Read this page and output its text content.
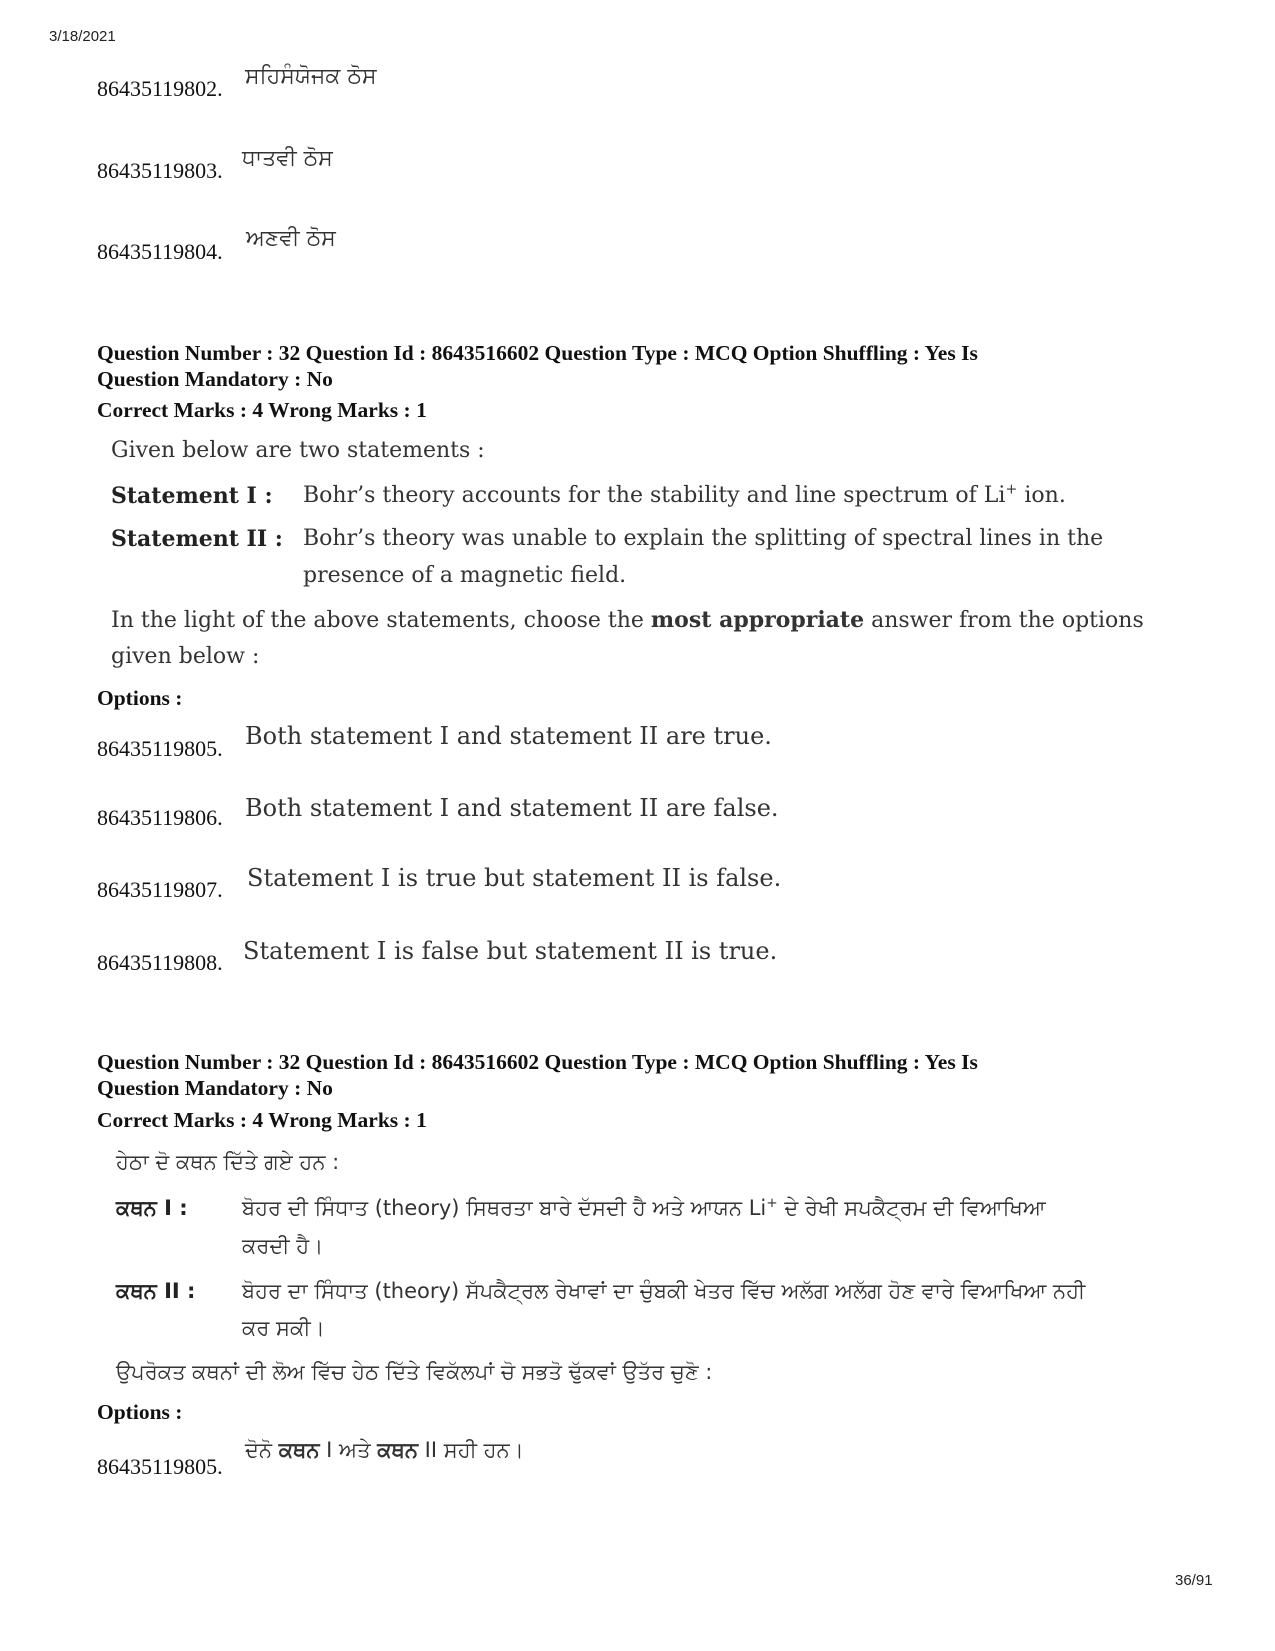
3/18/2021
36/91
86435119802. ਸਹਿਸੰਯੋਜਕ ਠੋਸ
86435119803. ਧਾਤਵੀ ਠੋਸ
86435119804.
ਅਣਵੀ ਠੋਸ
Question Number : 32 Question Id : 8643516602 Question Type : MCQ Option Shuffling : Yes Is
Question Mandatory : No
Correct Marks : 4 Wrong Marks : 1
Given below are two statements :
Statement I : Bohr’s theory accounts for the stability and line spectrum of Li+ ion.
Statement II : Bohr’s theory was unable to explain the splitting of spectral lines in the
presence of a magnetic field.
In the light of the above statements, choose the most appropriate answer from the options
given below :
Options :
86435119805. Both statement I and statement II are true.
86435119806. Both statement I and statement II are false.
86435119807. Statement I is true but statement II is false.
86435119808. Statement I is false but statement II is true.
Question Number : 32 Question Id : 8643516602 Question Type : MCQ Option Shuffling : Yes Is
Question Mandatory : No
Correct Marks : 4 Wrong Marks : 1
ਹੇਠਾ ਦੋ ਕਥਨ ਦਿੱਤੇ ਗਏ ਹਨ :
ਕਥਨ I :	ਬੋਹਰ ਦੀ ਸਿੰਧਾਤ (theory) ਸਿਥਰਤਾ ਬਾਰੇ ਦੱਸਦੀ ਹੈ ਅਤੇ ਆਯਨ Li+ ਦੇ ਰੇਖੀ ਸਪਕੈਟ੍ਰਮ ਦੀ ਵਿਆਖਿਆ
ਕਰਦੀ ਹੈ।
ਕਥਨ II : ਬੋਹਰ ਦਾ ਸਿੰਧਾਤ (theory) ਸੱਪਕੈਟ੍ਰਲ ਰੇਖਾਵਾਂ ਦਾ ਚੁੰਬਕੀ ਖੇਤਰ ਵਿੱਚ ਅਲੱਗ ਅਲੱਗ ਹੋਣ ਵਾਰੇ ਵਿਆਖਿਆ ਨਹੀ
ਕਰ ਸਕੀ।
ਉਪਰੋਕਤ ਕਥਨਾਂ ਦੀ ਲੋਅ ਵਿੱਚ ਹੇਠ ਦਿੱਤੇ ਵਿਕੱਲਪਾਂ ਚੋ ਸਭਤੋ ਢੁੱਕਵਾਂ ਉਤੱਰ ਚੁਣੋ :
Options :
86435119805.
ਦੋਨੋ ਕਥਨ I ਅਤੇ ਕਥਨ II ਸਹੀ ਹਨ।
